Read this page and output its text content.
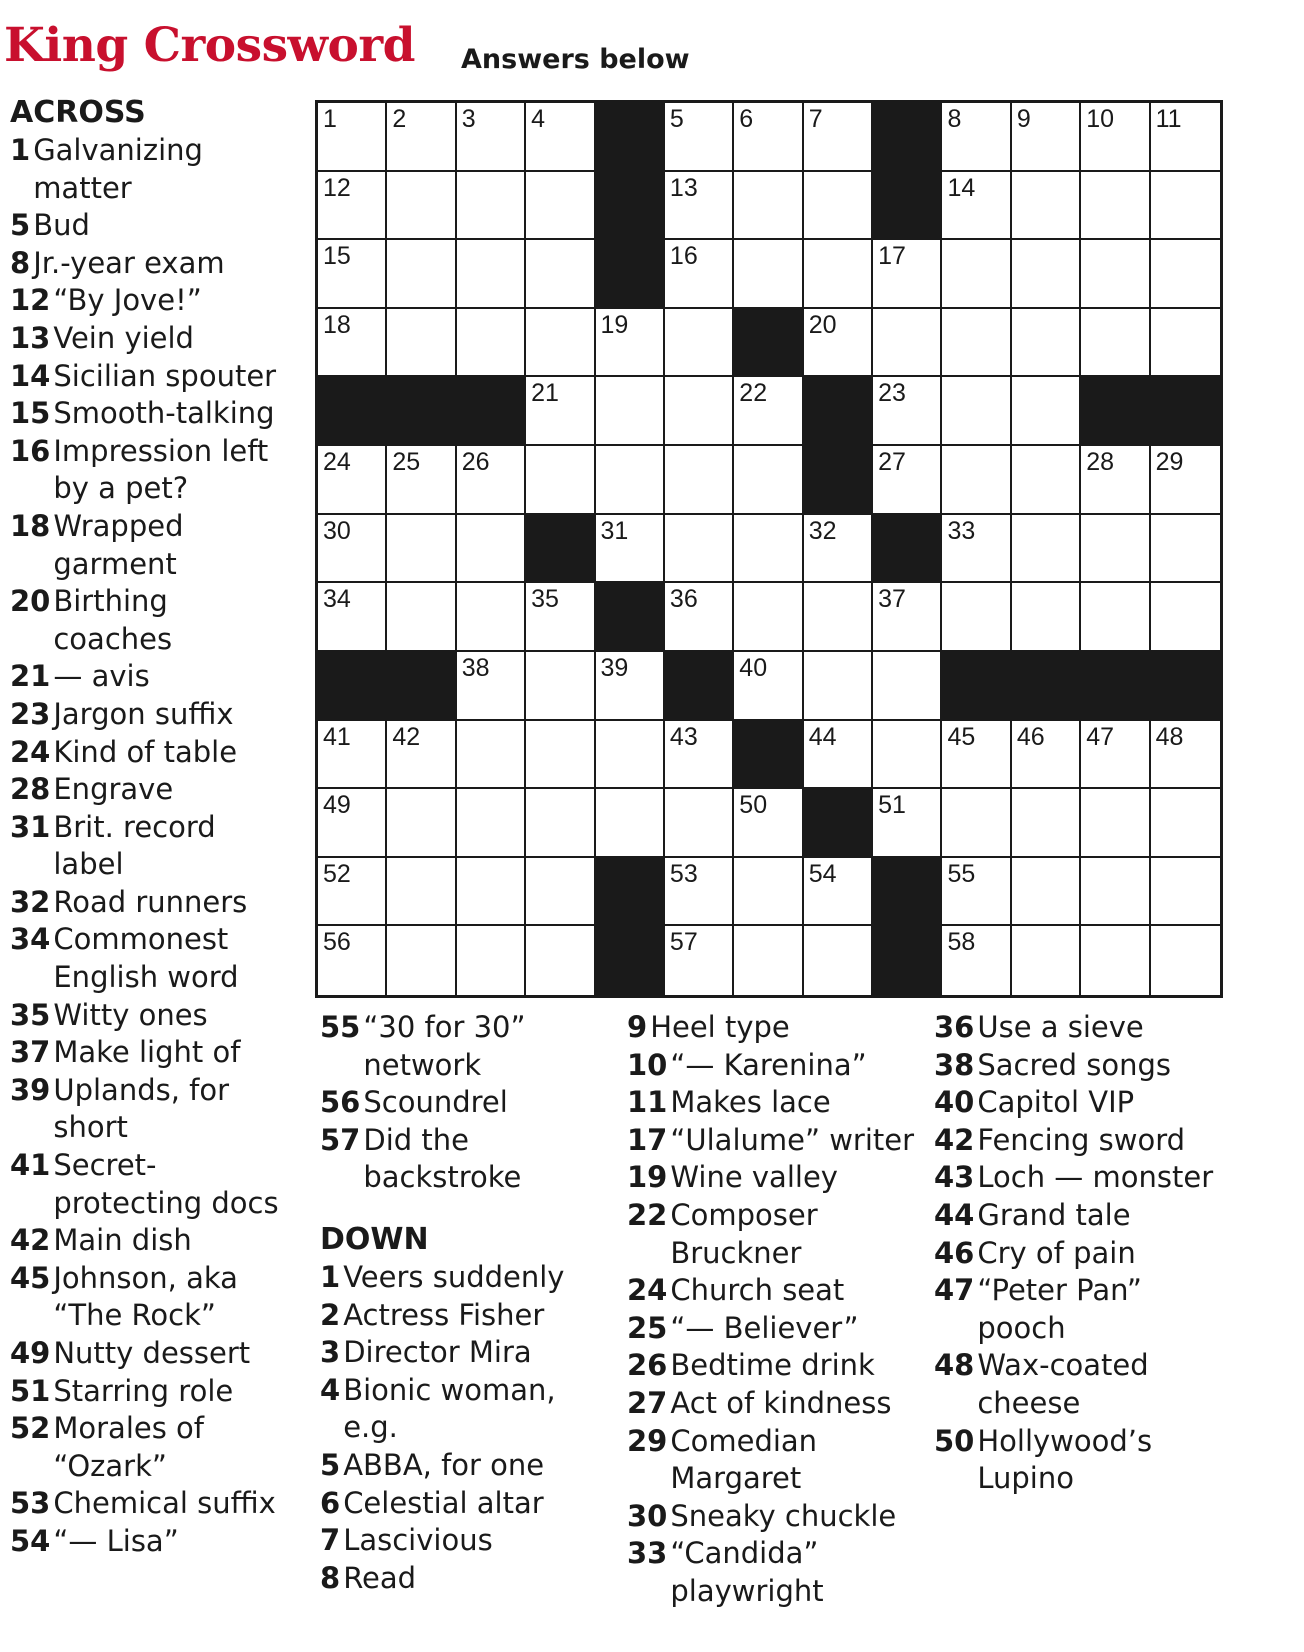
King Crossword Answers below
1 2 3 4	5 6 7	8 9 10 11
12	13	14
15	16	17
18	19	20
21	22	23
24 25 26	27	28 29
30	31	32	33
34	35	36	37
38	39	40
41 42	43	44	45 46 47 48
49	50	51
52	53	54	55
56	57	58
ACROSS
1 Galvanizing matter
5 Bud
8 Jr.-year exam
12 “By Jove!”
13 Vein yield
14 Sicilian spouter
15 Smooth-talking
16 Impression left by a pet?
18 Wrapped garment
20 Birthing coaches
21 — avis
23 Jargon suffix
24 Kind of table
28 Engrave
31 Brit. record label
32 Road runners
34 Commonest English word
35 Witty ones
37 Make light of
39 Uplands, for short
41 Secret-protecting docs
42 Main dish
45 Johnson, aka “The Rock”
49 Nutty dessert
51 Starring role
52 Morales of “Ozark”
53 Chemical suffix
54 “— Lisa”
55 “30 for 30” network
56 Scoundrel
57 Did the backstroke
DOWN
1 Veers suddenly
2 Actress Fisher
3 Director Mira
4 Bionic woman, e.g.
5 ABBA, for one
6 Celestial altar
7 Lascivious
8 Read
9 Heel type
10 “— Karenina”
11 Makes lace
17 “Ulalume” writer
19 Wine valley
22 Composer Bruckner
24 Church seat
25 “— Believer”
26 Bedtime drink
27 Act of kindness
29 Comedian Margaret
30 Sneaky chuckle
33 “Candida” playwright
36 Use a sieve
38 Sacred songs
40 Capitol VIP
42 Fencing sword
43 Loch — monster
44 Grand tale
46 Cry of pain
47 “Peter Pan” pooch
48 Wax-coated cheese
50 Hollywood’s Lupino
